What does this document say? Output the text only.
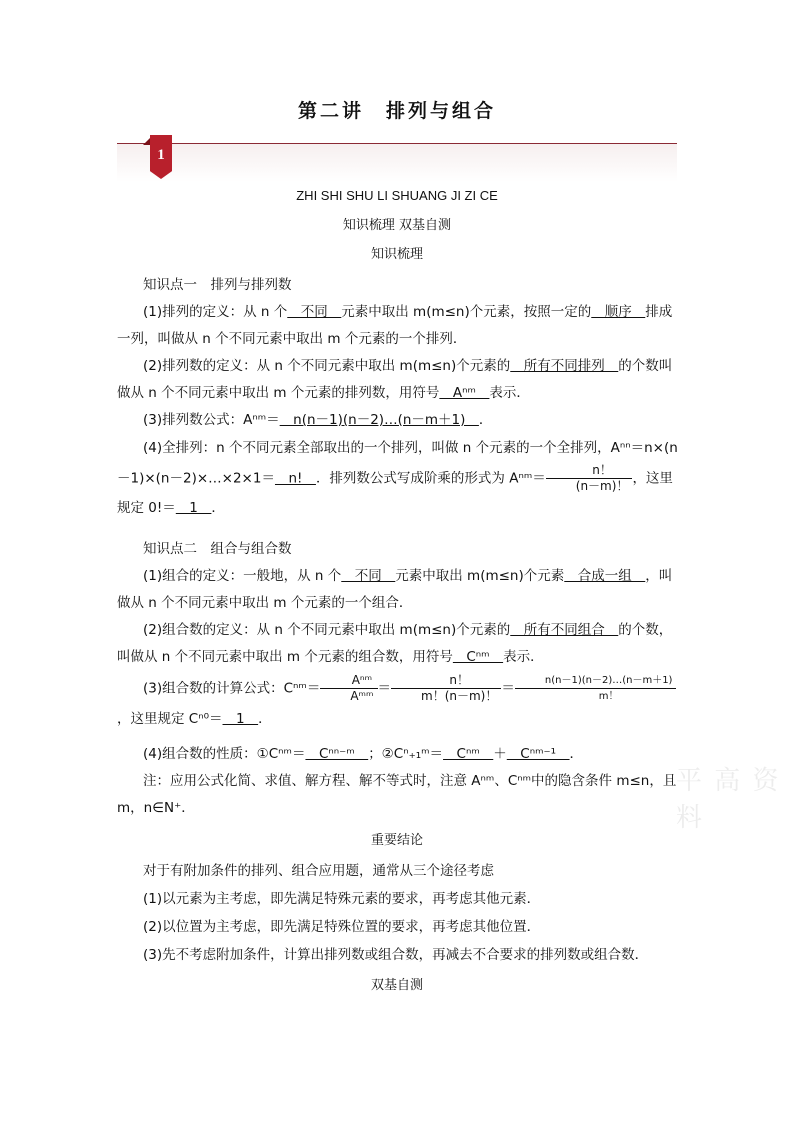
第二讲　排列与组合
1
ZHI SHI SHU LI SHUANG JI ZI CE
知识梳理 双基自测
知识梳理
知识点一　排列与排列数
(1)排列的定义：从 n 个　不同　元素中取出 m(m≤n)个元素，按照一定的　顺序　排成一列，叫做从 n 个不同元素中取出 m 个元素的一个排列．
(2)排列数的定义：从 n 个不同元素中取出 m(m≤n)个元素的　所有不同排列　的个数叫做从 n 个不同元素中取出 m 个元素的排列数，用符号　Aⁿᵐ　表示．
(3)排列数公式：Aⁿᵐ＝　n(n－1)(n－2)…(n－m＋1)　．
(4)全排列：n 个不同元素全部取出的一个排列，叫做 n 个元素的一个全排列，Aⁿⁿ＝n×(n－1)×(n－2)×…×2×1＝　n!　．排列数公式写成阶乘的形式为 Aⁿᵐ＝ $\frac{n!}{(n-m)!}$ ，这里规定 0!＝　1　．
知识点二　组合与组合数
(1)组合的定义：一般地，从 n 个　不同　元素中取出 m(m≤n)个元素　合成一组　，叫做从 n 个不同元素中取出 m 个元素的一个组合．
(2)组合数的定义：从 n 个不同元素中取出 m(m≤n)个元素的　所有不同组合　的个数，叫做从 n 个不同元素中取出 m 个元素的组合数，用符号　Cⁿᵐ　表示．
(3)组合数的计算公式：Cⁿᵐ＝ $\frac{\text{Aⁿᵐ}}{\text{Aᵐᵐ}} = \frac{n!}{m!(n-m)!} = \frac{n(n-1)(n-2)\dots(n-m+1)}{m!}$
，这里规定 Cⁿ⁰＝　1　．
(4)组合数的性质：①Cⁿᵐ＝　Cⁿⁿ⁻ᵐ　；②Cⁿ₊₁ᵐ＝　Cⁿᵐ　＋　Cⁿᵐ⁻¹　．
注：应用公式化简、求值、解方程、解不等式时，注意 Aⁿᵐ、Cⁿᵐ中的隐含条件 m≤n，且 m，n∈N⁺．
重要结论
对于有附加条件的排列、组合应用题，通常从三个途径考虑
(1)以元素为主考虑，即先满足特殊元素的要求，再考虑其他元素．
(2)以位置为主考虑，即先满足特殊位置的要求，再考虑其他位置．
(3)先不考虑附加条件，计算出排列数或组合数，再减去不合要求的排列数或组合数．
双基自测
平 高 资 料
